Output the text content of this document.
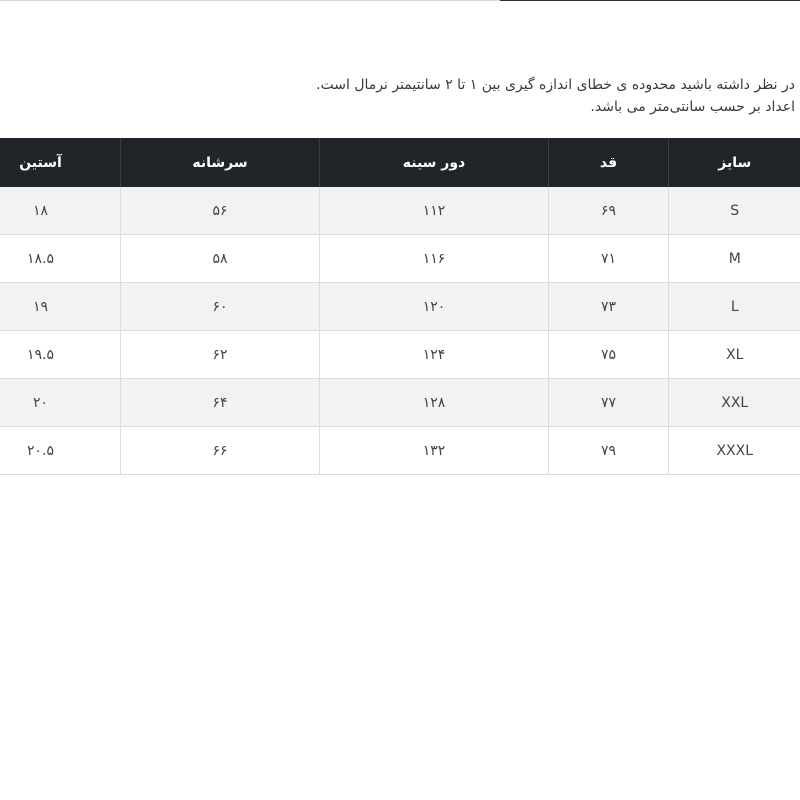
در نظر داشته باشید محدوده ی خطای اندازه گیری بین ۱ تا ۲ سانتیمتر نرمال است.
اعداد بر حسب سانتی‌متر می باشد.
سایز	قد	دور سینه	سرشانه	آستین
S	۶۹	۱۱۲	۵۶	۱۸
M	۷۱	۱۱۶	۵۸	۱۸.۵
L	۷۳	۱۲۰	۶۰	۱۹
XL	۷۵	۱۲۴	۶۲	۱۹.۵
XXL	۷۷	۱۲۸	۶۴	۲۰
XXXL	۷۹	۱۳۲	۶۶	۲۰.۵
